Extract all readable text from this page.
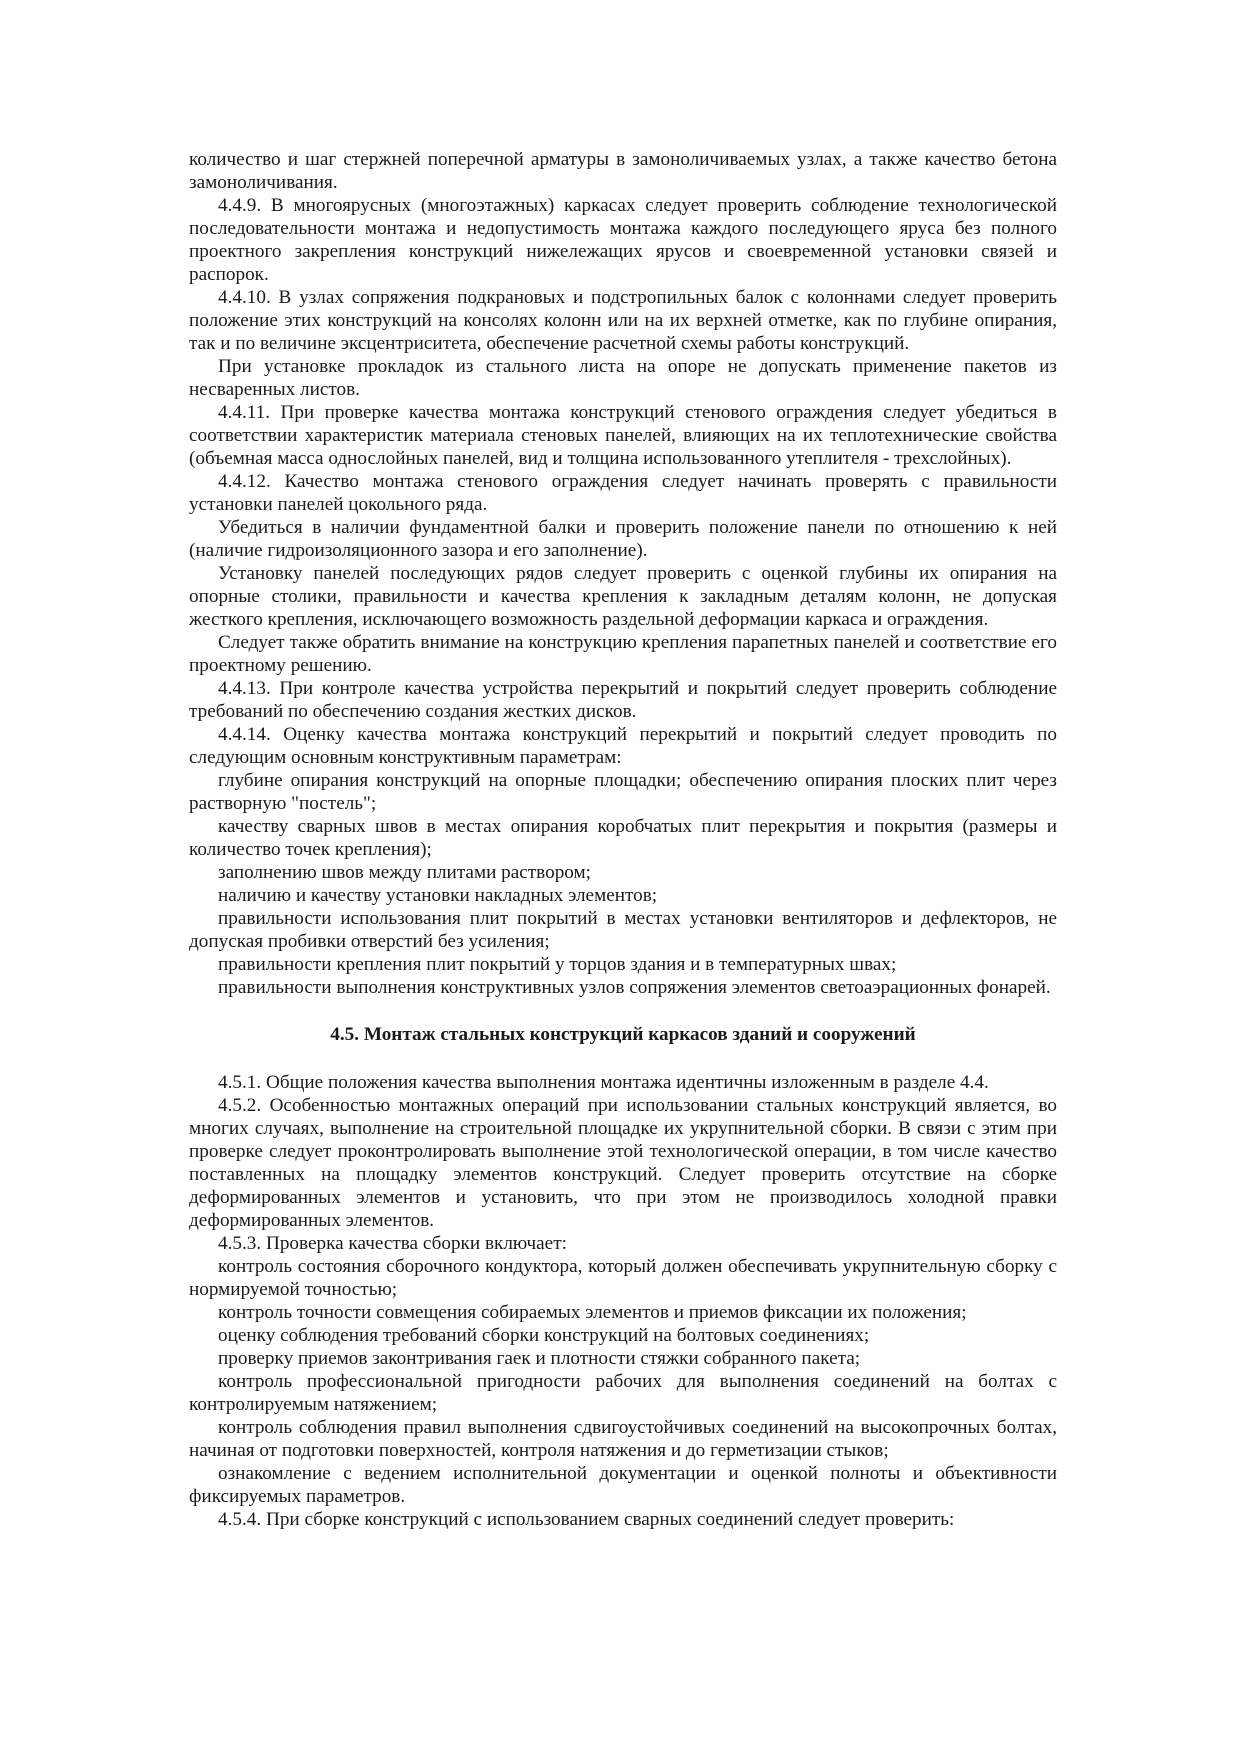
количество и шаг стержней поперечной арматуры в замоноличиваемых узлах, а также качество бетона замоноличивания.

4.4.9. В многоярусных (многоэтажных) каркасах следует проверить соблюдение технологической последовательности монтажа и недопустимость монтажа каждого последующего яруса без полного проектного закрепления конструкций нижележащих ярусов и своевременной установки связей и распорок.

4.4.10. В узлах сопряжения подкрановых и подстропильных балок с колоннами следует проверить положение этих конструкций на консолях колонн или на их верхней отметке, как по глубине опирания, так и по величине эксцентриситета, обеспечение расчетной схемы работы конструкций.

При установке прокладок из стального листа на опоре не допускать применение пакетов из несваренных листов.

4.4.11. При проверке качества монтажа конструкций стенового ограждения следует убедиться в соответствии характеристик материала стеновых панелей, влияющих на их теплотехнические свойства (объемная масса однослойных панелей, вид и толщина использованного утеплителя - трехслойных).

4.4.12. Качество монтажа стенового ограждения следует начинать проверять с правильности установки панелей цокольного ряда.

Убедиться в наличии фундаментной балки и проверить положение панели по отношению к ней (наличие гидроизоляционного зазора и его заполнение).

Установку панелей последующих рядов следует проверить с оценкой глубины их опирания на опорные столики, правильности и качества крепления к закладным деталям колонн, не допуская жесткого крепления, исключающего возможность раздельной деформации каркаса и ограждения.

Следует также обратить внимание на конструкцию крепления парапетных панелей и соответствие его проектному решению.

4.4.13. При контроле качества устройства перекрытий и покрытий следует проверить соблюдение требований по обеспечению создания жестких дисков.

4.4.14. Оценку качества монтажа конструкций перекрытий и покрытий следует проводить по следующим основным конструктивным параметрам:

глубине опирания конструкций на опорные площадки; обеспечению опирания плоских плит через растворную "постель";

качеству сварных швов в местах опирания коробчатых плит перекрытия и покрытия (размеры и количество точек крепления);

заполнению швов между плитами раствором;

наличию и качеству установки накладных элементов;

правильности использования плит покрытий в местах установки вентиляторов и дефлекторов, не допуская пробивки отверстий без усиления;

правильности крепления плит покрытий у торцов здания и в температурных швах;

правильности выполнения конструктивных узлов сопряжения элементов светоаэрационных фонарей.

4.5. Монтаж стальных конструкций каркасов зданий и сооружений

4.5.1. Общие положения качества выполнения монтажа идентичны изложенным в разделе 4.4.

4.5.2. Особенностью монтажных операций при использовании стальных конструкций является, во многих случаях, выполнение на строительной площадке их укрупнительной сборки. В связи с этим при проверке следует проконтролировать выполнение этой технологической операции, в том числе качество поставленных на площадку элементов конструкций. Следует проверить отсутствие на сборке деформированных элементов и установить, что при этом не производилось холодной правки деформированных элементов.

4.5.3. Проверка качества сборки включает:

контроль состояния сборочного кондуктора, который должен обеспечивать укрупнительную сборку с нормируемой точностью;

контроль точности совмещения собираемых элементов и приемов фиксации их положения;

оценку соблюдения требований сборки конструкций на болтовых соединениях;

проверку приемов законтривания гаек и плотности стяжки собранного пакета;

контроль профессиональной пригодности рабочих для выполнения соединений на болтах с контролируемым натяжением;

контроль соблюдения правил выполнения сдвигоустойчивых соединений на высокопрочных болтах, начиная от подготовки поверхностей, контроля натяжения и до герметизации стыков;

ознакомление с ведением исполнительной документации и оценкой полноты и объективности фиксируемых параметров.

4.5.4. При сборке конструкций с использованием сварных соединений следует проверить:
